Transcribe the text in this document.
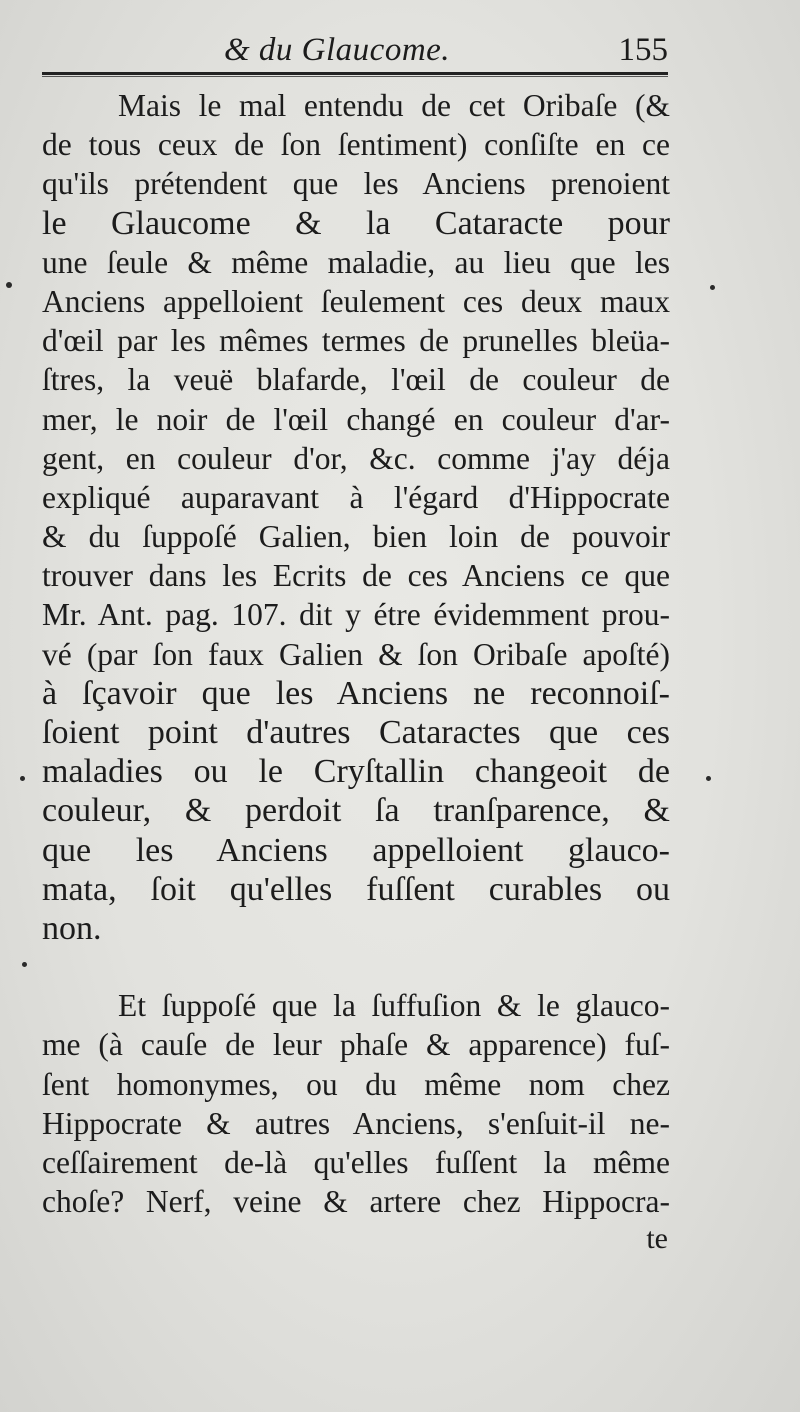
& du Glaucome.	155
Mais le mal entendu de cet Oribaſe (&
de tous ceux de ſon ſentiment) conſiſte en ce
qu'ils prétendent que les Anciens prenoient
le Glaucome & la Cataracte pour
une ſeule & même maladie, au lieu que les
Anciens appelloient ſeulement ces deux maux
d'œil par les mêmes termes de prunelles bleüa-
ſtres, la veuë blafarde, l'œil de couleur de
mer, le noir de l'œil changé en couleur d'ar-
gent, en couleur d'or, &c. comme j'ay déja
expliqué auparavant à l'égard d'Hippocrate
& du ſuppoſé Galien, bien loin de pouvoir
trouver dans les Ecrits de ces Anciens ce que
Mr. Ant. pag. 107. dit y étre évidemment prou-
vé (par ſon faux Galien & ſon Oribaſe apoſté)
à ſçavoir que les Anciens ne reconnoiſ-
ſoient point d'autres Cataractes que ces
maladies ou le Cryſtallin changeoit de
couleur, & perdoit ſa tranſparence, &
que les Anciens appelloient glauco-
mata, ſoit qu'elles fuſſent curables ou
non.
Et ſuppoſé que la ſuffuſion & le glauco-
me (à cauſe de leur phaſe & apparence) fuſ-
ſent homonymes, ou du même nom chez
Hippocrate & autres Anciens, s'enſuit-il ne-
ceſſairement de-là qu'elles fuſſent la même
choſe? Nerf, veine & artere chez Hippocra-
te
